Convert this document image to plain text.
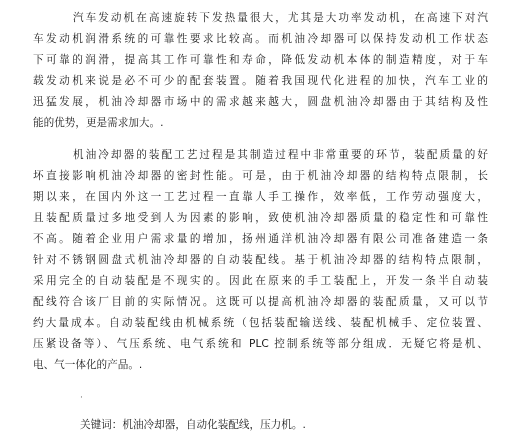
汽车发动机在高速旋转下发热量很大，尤其是大功率发动机，在高速下对汽
车发动机润滑系统的可靠性要求比较高。而机油冷却器可以保持发动机工作状态
下可靠的润滑，提高其工作可靠性和寿命，降低发动机本体的制造精度，对于车
载发动机来说是必不可少的配套装置。随着我国现代化进程的加快，汽车工业的
迅猛发展，机油冷却器市场中的需求越来越大，圆盘机油冷却器由于其结构及性
能的优势，更是需求加大。.
机油冷却器的装配工艺过程是其制造过程中非常重要的环节，装配质量的好
坏直接影响机油冷却器的密封性能。可是，由于机油冷却器的结构特点限制，长
期以来，在国内外这一工艺过程一直靠人手工操作，效率低，工作劳动强度大，
且装配质量过多地受到人为因素的影响，致使机油冷却器质量的稳定性和可靠性
不高。随着企业用户需求量的增加，扬州通洋机油冷却器有限公司准备建造一条
针对不锈钢圆盘式机油冷却器的自动装配线。基于机油冷却器的结构特点限制，
采用完全的自动装配是不现实的。因此在原来的手工装配上，开发一条半自动装
配线符合该厂目前的实际情况。这既可以提高机油冷却器的装配质量，又可以节
约大量成本。自动装配线由机械系统（包括装配输送线、装配机械手、定位装置、
压紧设备等）、气压系统、电气系统和 PLC 控制系统等部分组成．无疑它将是机、
电、气一体化的产品。.
·
关键词：机油冷却器，自动化装配线，压力机。.
